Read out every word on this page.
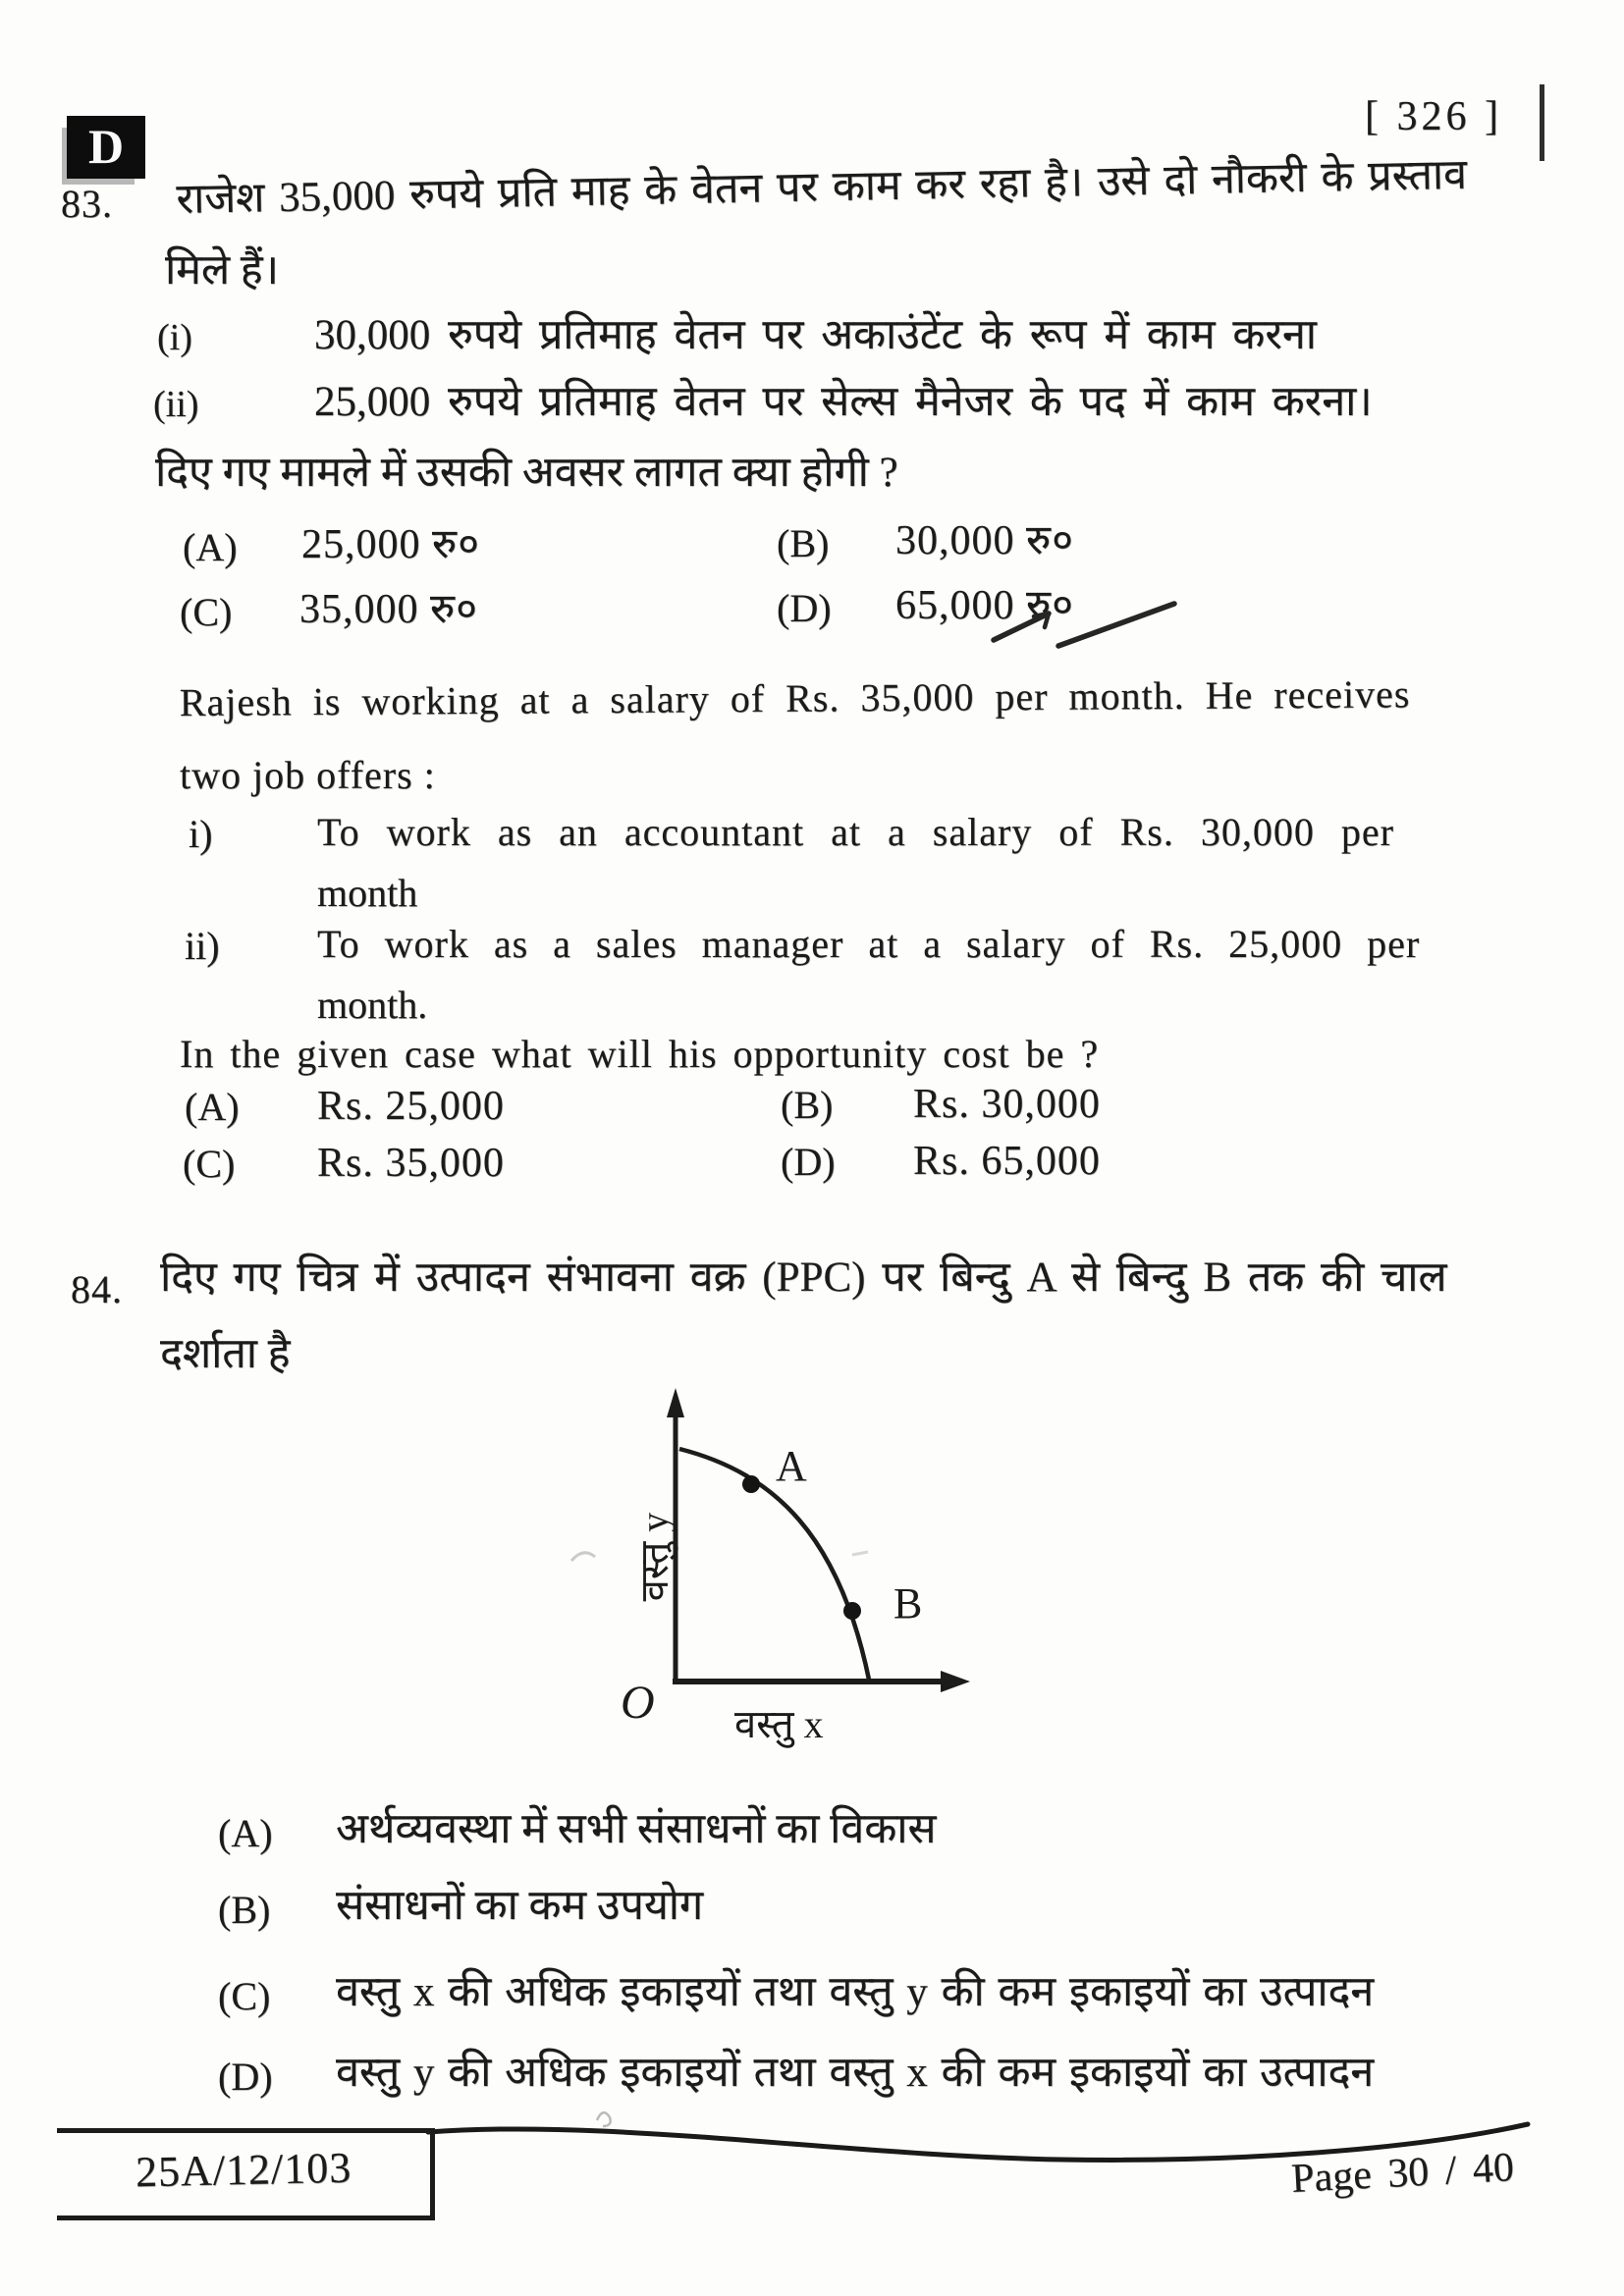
[ 326 ]
D
83. राजेश 35,000 रुपये प्रति माह के वेतन पर काम कर रहा है। उसे दो नौकरी के प्रस्ताव
मिले हैं।
(i)	30,000 रुपये प्रतिमाह वेतन पर अकाउंटेंट के रूप में काम करना
(ii)	25,000 रुपये प्रतिमाह वेतन पर सेल्स मैनेजर के पद में काम करना।
दिए गए मामले में उसकी अवसर लागत क्या होगी ?
(A) 25,000 रु०	(B) 30,000 रु०
(C) 35,000 रु०	(D) 65,000 रु०
Rajesh is working at a salary of Rs. 35,000 per month. He receives
two job offers :
i)	To work as an accountant at a salary of Rs. 30,000 per
month
ii) To work as a sales manager at a salary of Rs. 25,000 per
month.
In the given case what will his opportunity cost be ?
(A) Rs. 25,000	(B) Rs. 30,000
(C) Rs. 35,000	(D) Rs. 65,000
84. दिए गए चित्र में उत्पादन संभावना वक्र (PPC) पर बिन्दु A से बिन्दु B तक की चाल
दर्शाता है
A
B
O
वस्तु y
वस्तु x
(A) अर्थव्यवस्था में सभी संसाधनों का विकास
(B) संसाधनों का कम उपयोग
(C) वस्तु x की अधिक इकाइयों तथा वस्तु y की कम इकाइयों का उत्पादन
(D) वस्तु y की अधिक इकाइयों तथा वस्तु x की कम इकाइयों का उत्पादन
25A/12/103	Page 30 / 40
